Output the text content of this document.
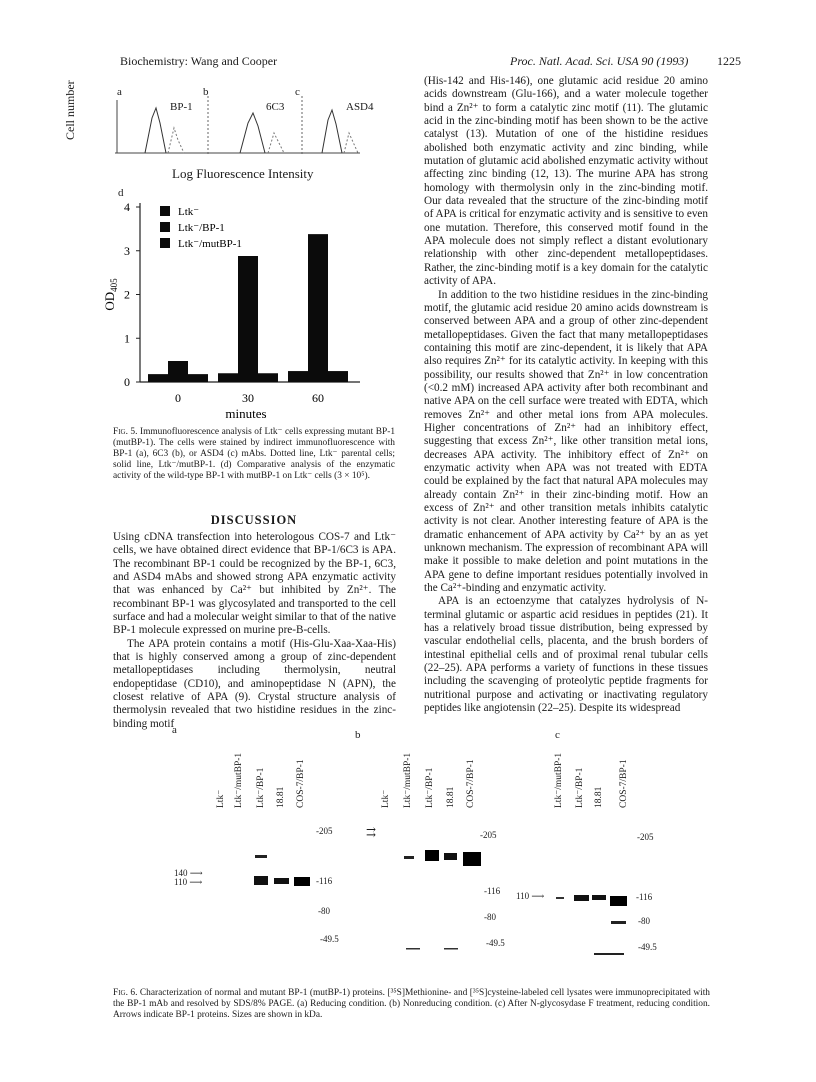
Biochemistry: Wang and Cooper	Proc. Natl. Acad. Sci. USA 90 (1993) 1225
a	b	c
BP-1	6C3	ASD4
Cell number
Log Fluorescence Intensity
d
0
1
2
3
4
$OD_{405}$
0	30	60
minutes
Ltk⁻
Ltk⁻/BP-1
Ltk⁻/mutBP-1
Fig. 5. Immunofluorescence analysis of Ltk⁻ cells expressing mutant BP-1 (mutBP-1). The cells were stained by indirect immunofluorescence with BP-1 (a), 6C3 (b), or ASD4 (c) mAbs. Dotted line, Ltk⁻ parental cells; solid line, Ltk⁻/mutBP-1. (d) Comparative analysis of the enzymatic activity of the wild-type BP-1 with mutBP-1 on Ltk⁻ cells (3 × 10⁵).
DISCUSSION

Using cDNA transfection into heterologous COS-7 and Ltk⁻ cells, we have obtained direct evidence that BP-1/6C3 is APA. The recombinant BP-1 could be recognized by the BP-1, 6C3, and ASD4 mAbs and showed strong APA enzymatic activity that was enhanced by Ca²⁺ but inhibited by Zn²⁺. The recombinant BP-1 was glycosylated and transported to the cell surface and had a molecular weight similar to that of the native BP-1 molecule expressed on murine pre-B-cells.

The APA protein contains a motif (His-Glu-Xaa-Xaa-His) that is highly conserved among a group of zinc-dependent metallopeptidases including thermolysin, neutral endopeptidase (CD10), and aminopeptidase N (APN), the closest relative of APA (9). Crystal structure analysis of thermolysin revealed that two histidine residues in the zinc-binding motif

(His-142 and His-146), one glutamic acid residue 20 amino acids downstream (Glu-166), and a water molecule together bind a Zn²⁺ to form a catalytic zinc motif (11). The glutamic acid in the zinc-binding motif has been shown to be the active catalyst (13). Mutation of one of the histidine residues abolished both enzymatic activity and zinc binding, while mutation of glutamic acid abolished enzymatic activity without affecting zinc binding (12, 13). The murine APA has strong homology with thermolysin only in the zinc-binding motif. Our data revealed that the structure of the zinc-binding motif of APA is critical for enzymatic activity and is sensitive to even one mutation. Therefore, this conserved motif found in the APA molecule does not simply reflect a distant evolutionary relationship with other zinc-dependent metallopeptidases. Rather, the zinc-binding motif is a key domain for the catalytic activity of APA.

In addition to the two histidine residues in the zinc-binding motif, the glutamic acid residue 20 amino acids downstream is conserved between APA and a group of other zinc-dependent metallopeptidases. Given the fact that many metallopeptidases containing this motif are zinc-dependent, it is likely that APA also requires Zn²⁺ for its catalytic activity. In keeping with this possibility, our results showed that Zn²⁺ in low concentration (<0.2 mM) increased APA activity after both recombinant and native APA on the cell surface were treated with EDTA, which removes Zn²⁺ and other metal ions from APA molecules. Higher concentrations of Zn²⁺ had an inhibitory effect, suggesting that excess Zn²⁺, like other transition metal ions, decreases APA activity. The inhibitory effect of Zn²⁺ on enzymatic activity when APA was not treated with EDTA could be explained by the fact that natural APA molecules may already contain Zn²⁺ in their zinc-binding motif. How an excess of Zn²⁺ and other transition metals inhibits catalytic activity is not clear. Another interesting feature of APA is the dramatic enhancement of APA activity by Ca²⁺ by an as yet unknown mechanism. The expression of recombinant APA will make it possible to make deletion and point mutations in the APA gene to define important residues potentially involved in the Ca²⁺-binding and enzymatic activity.

APA is an ectoenzyme that catalyzes hydrolysis of N-terminal glutamic or aspartic acid residues in peptides (21). It has a relatively broad tissue distribution, being expressed by vascular endothelial cells, placenta, and the brush borders of intestinal epithelial cells and of proximal renal tubular cells (22–25). APA performs a variety of functions in these tissues including the scavenging of proteolytic peptide fragments for nutritional purpose and activating or inactivating regulatory peptides like angiotensin (22–25). Despite its widespread

a	b	c
Ltk⁻ Ltk⁻/mutBP-1 Ltk⁻/BP-1 18.81 COS-7/BP-1	Ltk⁻ Ltk⁻/mutBP-1 Ltk⁻/BP-1 18.81 COS-7/BP-1	Ltk⁻/mutBP-1 Ltk⁻/BP-1 18.81 COS-7/BP-1
-205
-116
-80
-49.5
-205
-116
-80
-49.5
-205
-116
-80
-49.5
140 ⟶
110 ⟶
⇉
110 ⟶
Fig. 6. Characterization of normal and mutant BP-1 (mutBP-1) proteins. [³⁵S]Methionine- and [³⁵S]cysteine-labeled cell lysates were immunoprecipitated with the BP-1 mAb and resolved by SDS/8% PAGE. (a) Reducing condition. (b) Nonreducing condition. (c) After N-glycosydase F treatment, reducing condition. Arrows indicate BP-1 proteins. Sizes are shown in kDa.
